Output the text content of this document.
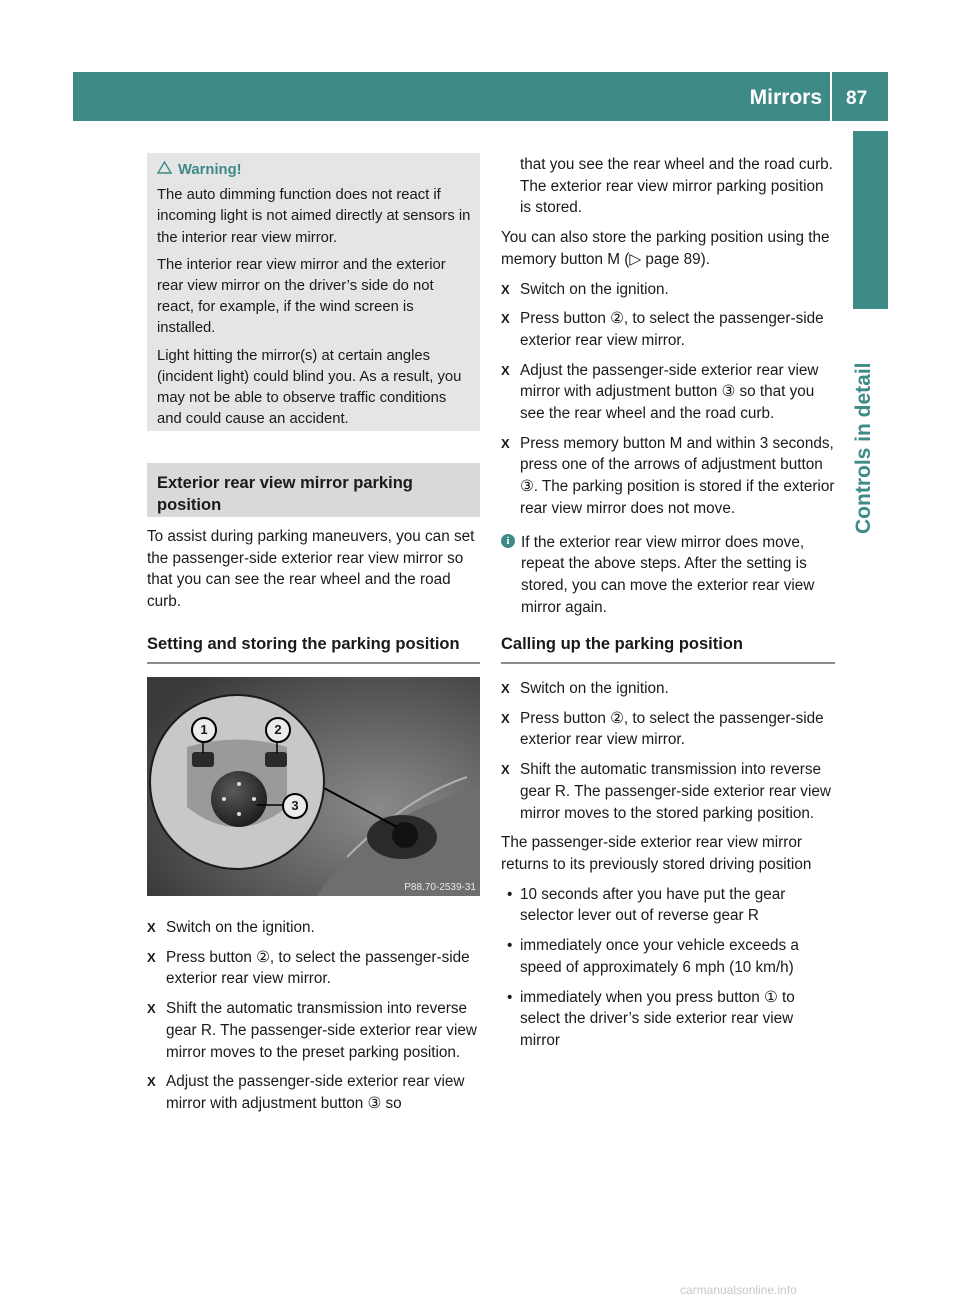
Mirrors 87
Controls in detail
Warning!

The auto dimming function does not react if incoming light is not aimed directly at sensors in the interior rear view mirror.

The interior rear view mirror and the exterior rear view mirror on the driver’s side do not react, for example, if the wind screen is installed.

Light hitting the mirror(s) at certain angles (incident light) could blind you. As a result, you may not be able to observe traffic conditions and could cause an accident.

Exterior rear view mirror parking position
To assist during parking maneuvers, you can set the passenger-side exterior rear view mirror so that you can see the rear wheel and the road curb.
Setting and storing the parking position
1	2
3
P88.70-2539-31
X Switch on the ignition.
X Press button ②, to select the passenger-side exterior rear view mirror.
X Shift the automatic transmission into reverse gear R. The passenger-side exterior rear view mirror moves to the preset parking position.
X Adjust the passenger-side exterior rear view mirror with adjustment button ③ so
that you see the rear wheel and the road curb. The exterior rear view mirror parking position is stored.

You can also store the parking position using the memory button M (▷ page 89).

X Switch on the ignition.
X Press button ②, to select the passenger-side exterior rear view mirror.
X Adjust the passenger-side exterior rear view mirror with adjustment button ③ so that you see the rear wheel and the road curb.
X Press memory button M and within 3 seconds, press one of the arrows of adjustment button ③. The parking position is stored if the exterior rear view mirror does not move.
i If the exterior rear view mirror does move, repeat the above steps. After the setting is stored, you can move the exterior rear view mirror again.
Calling up the parking position
X Switch on the ignition.
X Press button ②, to select the passenger-side exterior rear view mirror.
X Shift the automatic transmission into reverse gear R. The passenger-side exterior rear view mirror moves to the stored parking position.

The passenger-side exterior rear view mirror returns to its previously stored driving position

• 10 seconds after you have put the gear selector lever out of reverse gear R
• immediately once your vehicle exceeds a speed of approximately 6 mph (10 km/h)
• immediately when you press button ① to select the driver’s side exterior rear view mirror
carmanualsonline.info
